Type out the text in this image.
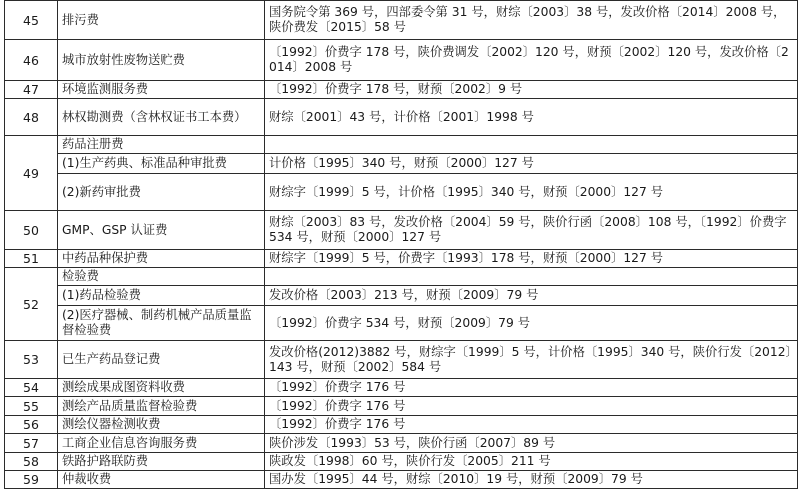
45	排污费	国务院令第 369 号，四部委令第 31 号，财综〔2003〕38 号，发改价格〔2014〕2008 号，陕价费发〔2015〕58 号
46	城市放射性废物送贮费	〔1992〕价费字 178 号，陕价费调发〔2002〕120 号，财预〔2002〕120 号，发改价格〔2014〕2008 号
47	环境监测服务费	〔1992〕价费字 178 号，财预〔2002〕9 号
48	林权勘测费（含林权证书工本费）	财综〔2001〕43 号，计价格〔2001〕1998 号
49	药品注册费	
	(1)生产药典、标准品种审批费	计价格〔1995〕340 号，财预〔2000〕127 号
	(2)新药审批费	财综字〔1999〕5 号，计价格〔1995〕340 号，财预〔2000〕127 号
50	GMP、GSP 认证费	财综〔2003〕83 号，发改价格〔2004〕59 号，陕价行函〔2008〕108 号，〔1992〕价费字 534 号，财预〔2000〕127 号
51	中药品种保护费	财综字〔1999〕5 号，价费字〔1993〕178 号，财预〔2000〕127 号
52	检验费	
	(1)药品检验费	发改价格〔2003〕213 号，财预〔2009〕79 号
	(2)医疗器械、制药机械产品质量监督检验费	〔1992〕价费字 534 号，财预〔2009〕79 号
53	已生产药品登记费	发改价格(2012)3882 号，财综字〔1999〕5 号，计价格〔1995〕340 号，陕价行发〔2012〕143 号，财预〔2002〕584 号
54	测绘成果成图资料收费	〔1992〕价费字 176 号
55	测绘产品质量监督检验费	〔1992〕价费字 176 号
56	测绘仪器检测收费	〔1992〕价费字 176 号
57	工商企业信息咨询服务费	陕价涉发〔1993〕53 号，陕价行函〔2007〕89 号
58	铁路护路联防费	陕政发〔1998〕60 号，陕价行发〔2005〕211 号
59	仲裁收费	国办发〔1995〕44 号，财综〔2010〕19 号，财预〔2009〕79 号
